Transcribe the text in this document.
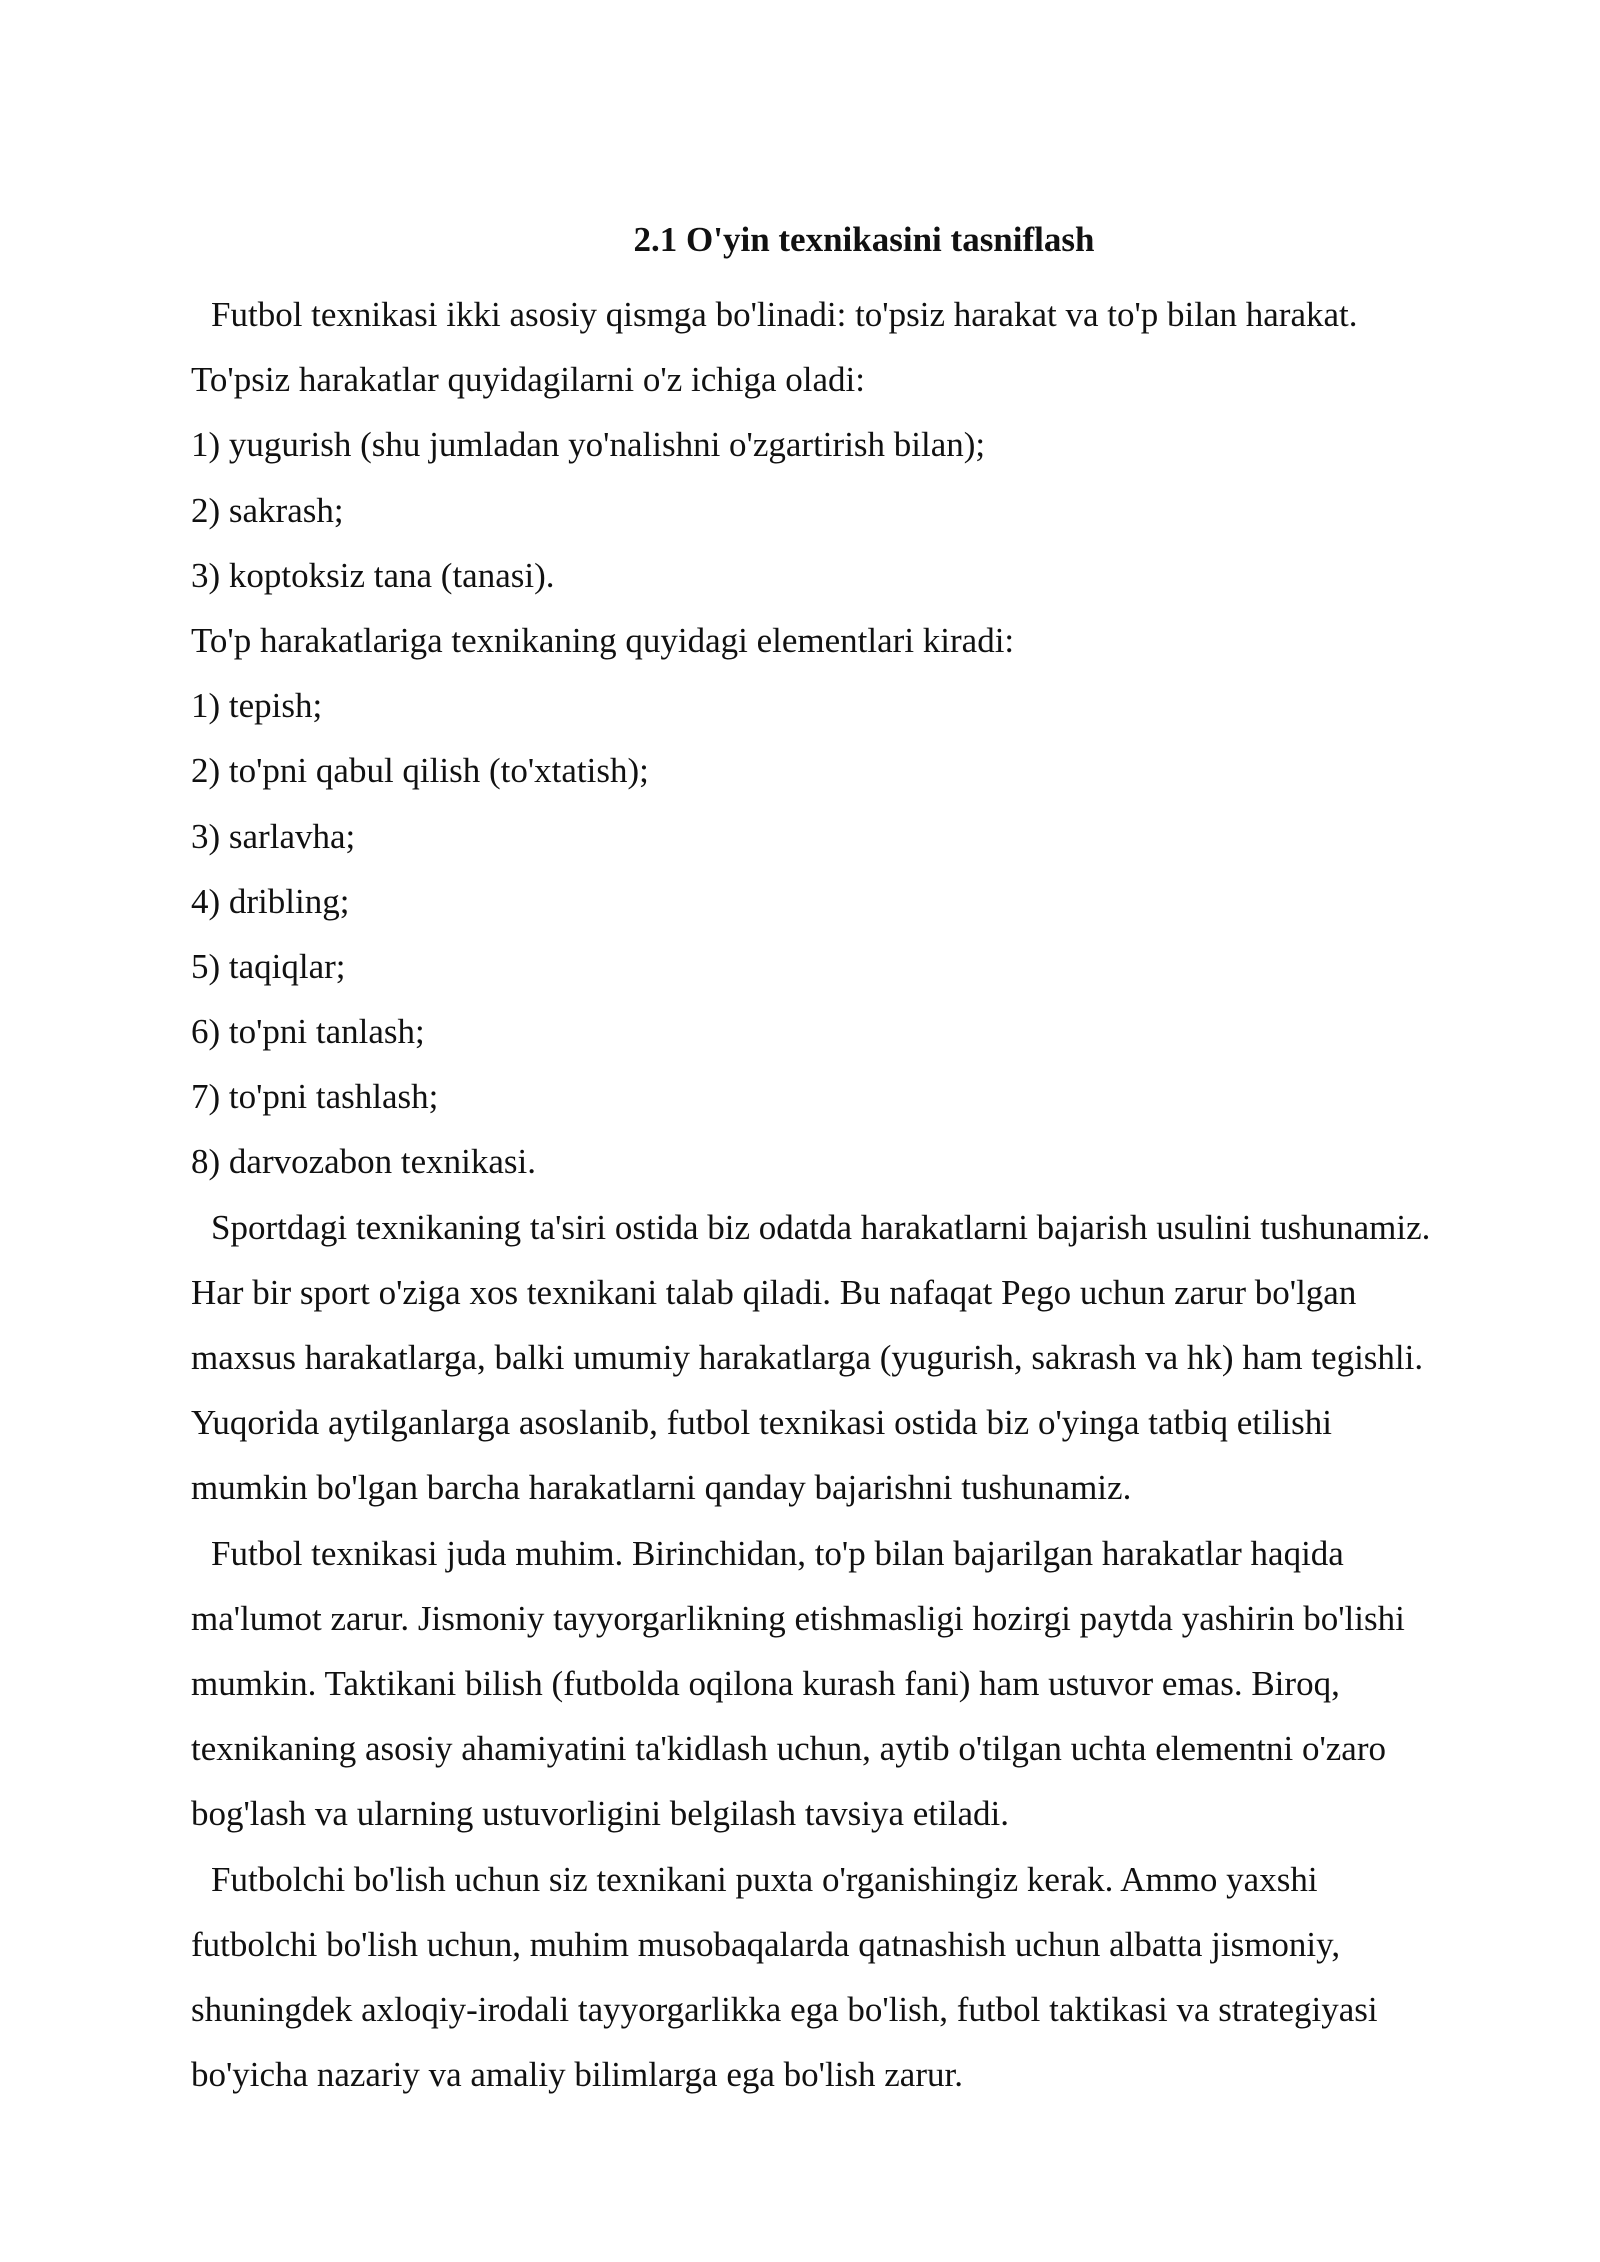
2.1 O'yin texnikasini tasniflash
Futbol texnikasi ikki asosiy qismga bo'linadi: to'psiz harakat va to'p bilan harakat.
To'psiz harakatlar quyidagilarni o'z ichiga oladi:
1) yugurish (shu jumladan yo'nalishni o'zgartirish bilan);
2) sakrash;
3) koptoksiz tana (tanasi).
To'p harakatlariga texnikaning quyidagi elementlari kiradi:
1) tepish;
2) to'pni qabul qilish (to'xtatish);
3) sarlavha;
4) dribling;
5) taqiqlar;
6) to'pni tanlash;
7) to'pni tashlash;
8) darvozabon texnikasi.
Sportdagi texnikaning ta'siri ostida biz odatda harakatlarni bajarish usulini tushunamiz.
Har bir sport o'ziga xos texnikani talab qiladi. Bu nafaqat Pego uchun zarur bo'lgan
maxsus harakatlarga, balki umumiy harakatlarga (yugurish, sakrash va hk) ham tegishli.
Yuqorida aytilganlarga asoslanib, futbol texnikasi ostida biz o'yinga tatbiq etilishi
mumkin bo'lgan barcha harakatlarni qanday bajarishni tushunamiz.
Futbol texnikasi juda muhim. Birinchidan, to'p bilan bajarilgan harakatlar haqida
ma'lumot zarur. Jismoniy tayyorgarlikning etishmasligi hozirgi paytda yashirin bo'lishi
mumkin. Taktikani bilish (futbolda oqilona kurash fani) ham ustuvor emas. Biroq,
texnikaning asosiy ahamiyatini ta'kidlash uchun, aytib o'tilgan uchta elementni o'zaro
bog'lash va ularning ustuvorligini belgilash tavsiya etiladi.
Futbolchi bo'lish uchun siz texnikani puxta o'rganishingiz kerak. Ammo yaxshi
futbolchi bo'lish uchun, muhim musobaqalarda qatnashish uchun albatta jismoniy,
shuningdek axloqiy-irodali tayyorgarlikka ega bo'lish, futbol taktikasi va strategiyasi
bo'yicha nazariy va amaliy bilimlarga ega bo'lish zarur.
